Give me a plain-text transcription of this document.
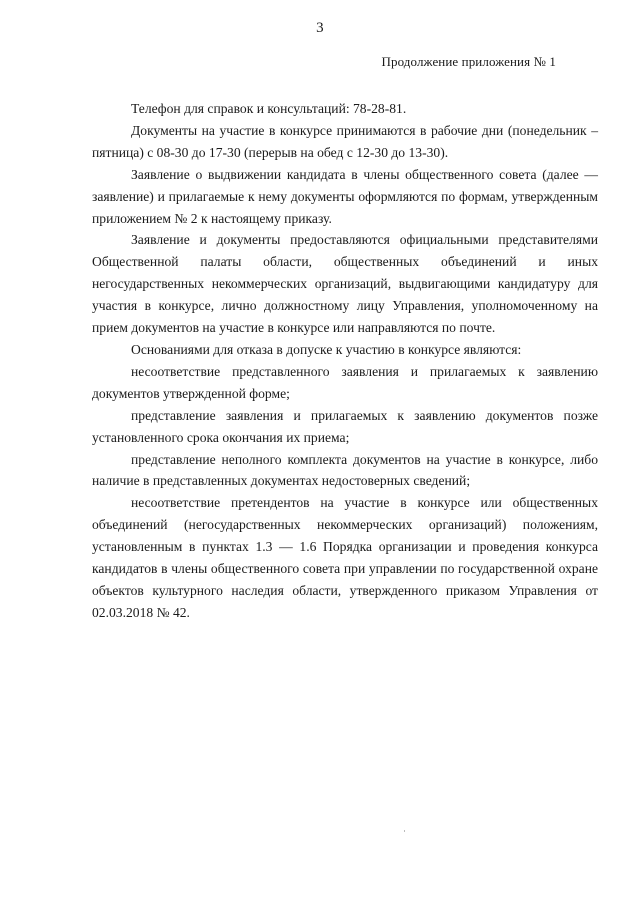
3
Продолжение приложения № 1

Телефон для справок и консультаций: 78-28-81.

Документы на участие в конкурсе принимаются в рабочие дни (понедельник – пятница) с 08-30 до 17-30 (перерыв на обед с 12-30 до 13-30).

Заявление о выдвижении кандидата в члены общественного совета (далее — заявление) и прилагаемые к нему документы оформляются по формам, утвержденным приложением № 2 к настоящему приказу.

Заявление и документы предоставляются официальными представителями Общественной палаты области, общественных объединений и иных негосударственных некоммерческих организаций, выдвигающими кандидатуру для участия в конкурсе, лично должностному лицу Управления, уполномоченному на прием документов на участие в конкурсе или направляются по почте.

Основаниями для отказа в допуске к участию в конкурсе являются:

несоответствие представленного заявления и прилагаемых к заявлению документов утвержденной форме;

представление заявления и прилагаемых к заявлению документов позже установленного срока окончания их приема;

представление неполного комплекта документов на участие в конкурсе, либо наличие в представленных документах недостоверных сведений;

несоответствие претендентов на участие в конкурсе или общественных объединений (негосударственных некоммерческих организаций) положениям, установленным в пунктах 1.3 — 1.6 Порядка организации и проведения конкурса кандидатов в члены общественного совета при управлении по государственной охране объектов культурного наследия области, утвержденного приказом Управления от 02.03.2018 № 42.
